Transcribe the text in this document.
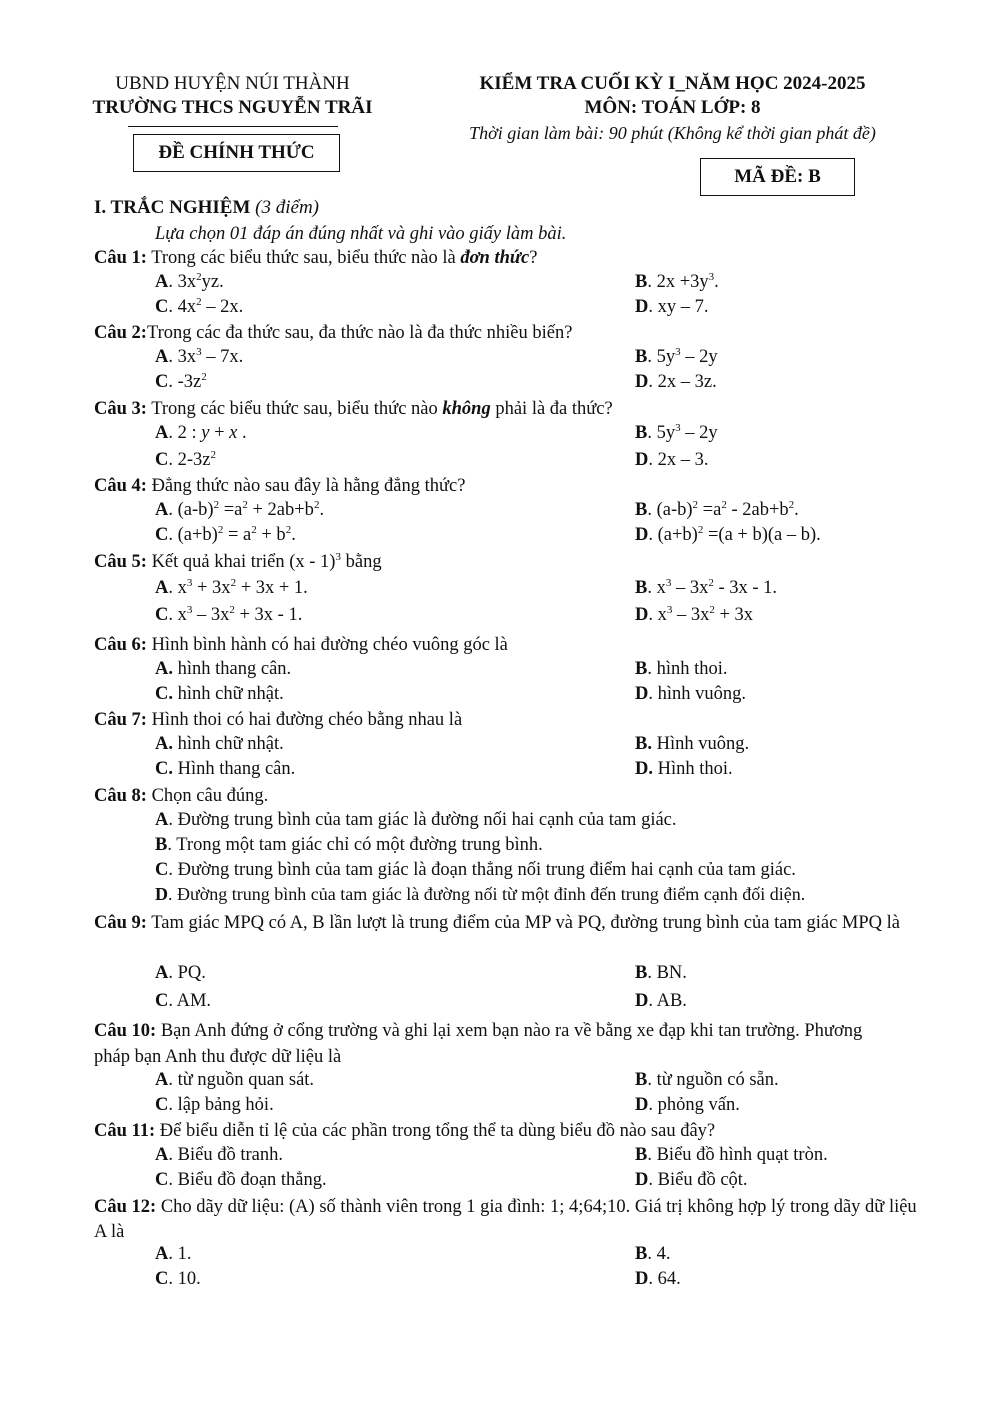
UBND HUYỆN NÚI THÀNH
TRƯỜNG THCS NGUYỄN TRÃI
ĐỀ CHÍNH THỨC
KIỂM TRA CUỐI KỲ I_NĂM HỌC 2024-2025
MÔN: TOÁN LỚP: 8
Thời gian làm bài: 90 phút (Không kể thời gian phát đề)
MÃ ĐỀ: B
I. TRẮC NGHIỆM (3 điểm)
Lựa chọn 01 đáp án đúng nhất và ghi vào giấy làm bài.
Câu 1: Trong các biểu thức sau, biểu thức nào là đơn thức?
A. $3x^2yz$.	B. $2x +3y^3$.
C. $4x^2 - 2x$.	D. xy – 7.
Câu 2:Trong các đa thức sau, đa thức nào là đa thức nhiều biến?
A. $3x^3 - 7x$.	B. $5y^3 - 2y$
C. $-3z^2$	D. 2x – 3z.
Câu 3: Trong các biểu thức sau, biểu thức nào không phải là đa thức?
A. 2 : y + x .	B. $5y^3 - 2y$
C. $2-3z^2$	D. 2x – 3.
Câu 4: Đẳng thức nào sau đây là hằng đẳng thức?
A. $(a-b)^2 =a^2 + 2ab+b^2$.	B. $(a-b)^2 =a^2 - 2ab+b^2$.
C. $(a+b)^2 = a^2 + b^2$.	D. $(a+b)^2 =(a + b)(a - b)$.
Câu 5: Kết quả khai triển (x - 1)$^3$ bằng
A. $x^3 + 3x^2 + 3x + 1$.	B. $x^3 - 3x^2 - 3x - 1$.
C. $x^3 - 3x^2 + 3x - 1$.	D. $x^3 - 3x^2 + 3x$
Câu 6: Hình bình hành có hai đường chéo vuông góc là
A. hình thang cân.	B. hình thoi.
C. hình chữ nhật.	D. hình vuông.
Câu 7: Hình thoi có hai đường chéo bằng nhau là
A. hình chữ nhật.	B. Hình vuông.
C. Hình thang cân.	D. Hình thoi.
Câu 8: Chọn câu đúng.
A. Đường trung bình của tam giác là đường nối hai cạnh của tam giác.
B. Trong một tam giác chỉ có một đường trung bình.
C. Đường trung bình của tam giác là đoạn thẳng nối trung điểm hai cạnh của tam giác.
D. Đường trung bình của tam giác là đường nối từ một đỉnh đến trung điểm cạnh đối diện.
Câu 9: Tam giác MPQ có A, B lần lượt là trung điểm của MP và PQ, đường trung bình của tam giác MPQ là
A. PQ.	B. BN.
C. AM.	D. AB.
Câu 10: Bạn Anh đứng ở cổng trường và ghi lại xem bạn nào ra về bằng xe đạp khi tan trường. Phương pháp bạn Anh thu được dữ liệu là
A. từ nguồn quan sát.	B. từ nguồn có sẵn.
C. lập bảng hỏi.	D. phỏng vấn.
Câu 11: Để biểu diễn tỉ lệ của các phần trong tổng thể ta dùng biểu đồ nào sau đây?
A. Biểu đồ tranh.	B. Biểu đồ hình quạt tròn.
C. Biểu đồ đoạn thẳng.	D. Biểu đồ cột.
Câu 12: Cho dãy dữ liệu: (A) số thành viên trong 1 gia đình: 1; 4;64;10. Giá trị không hợp lý trong dãy dữ liệu A là
A. 1.	B. 4.
C. 10.	D. 64.
